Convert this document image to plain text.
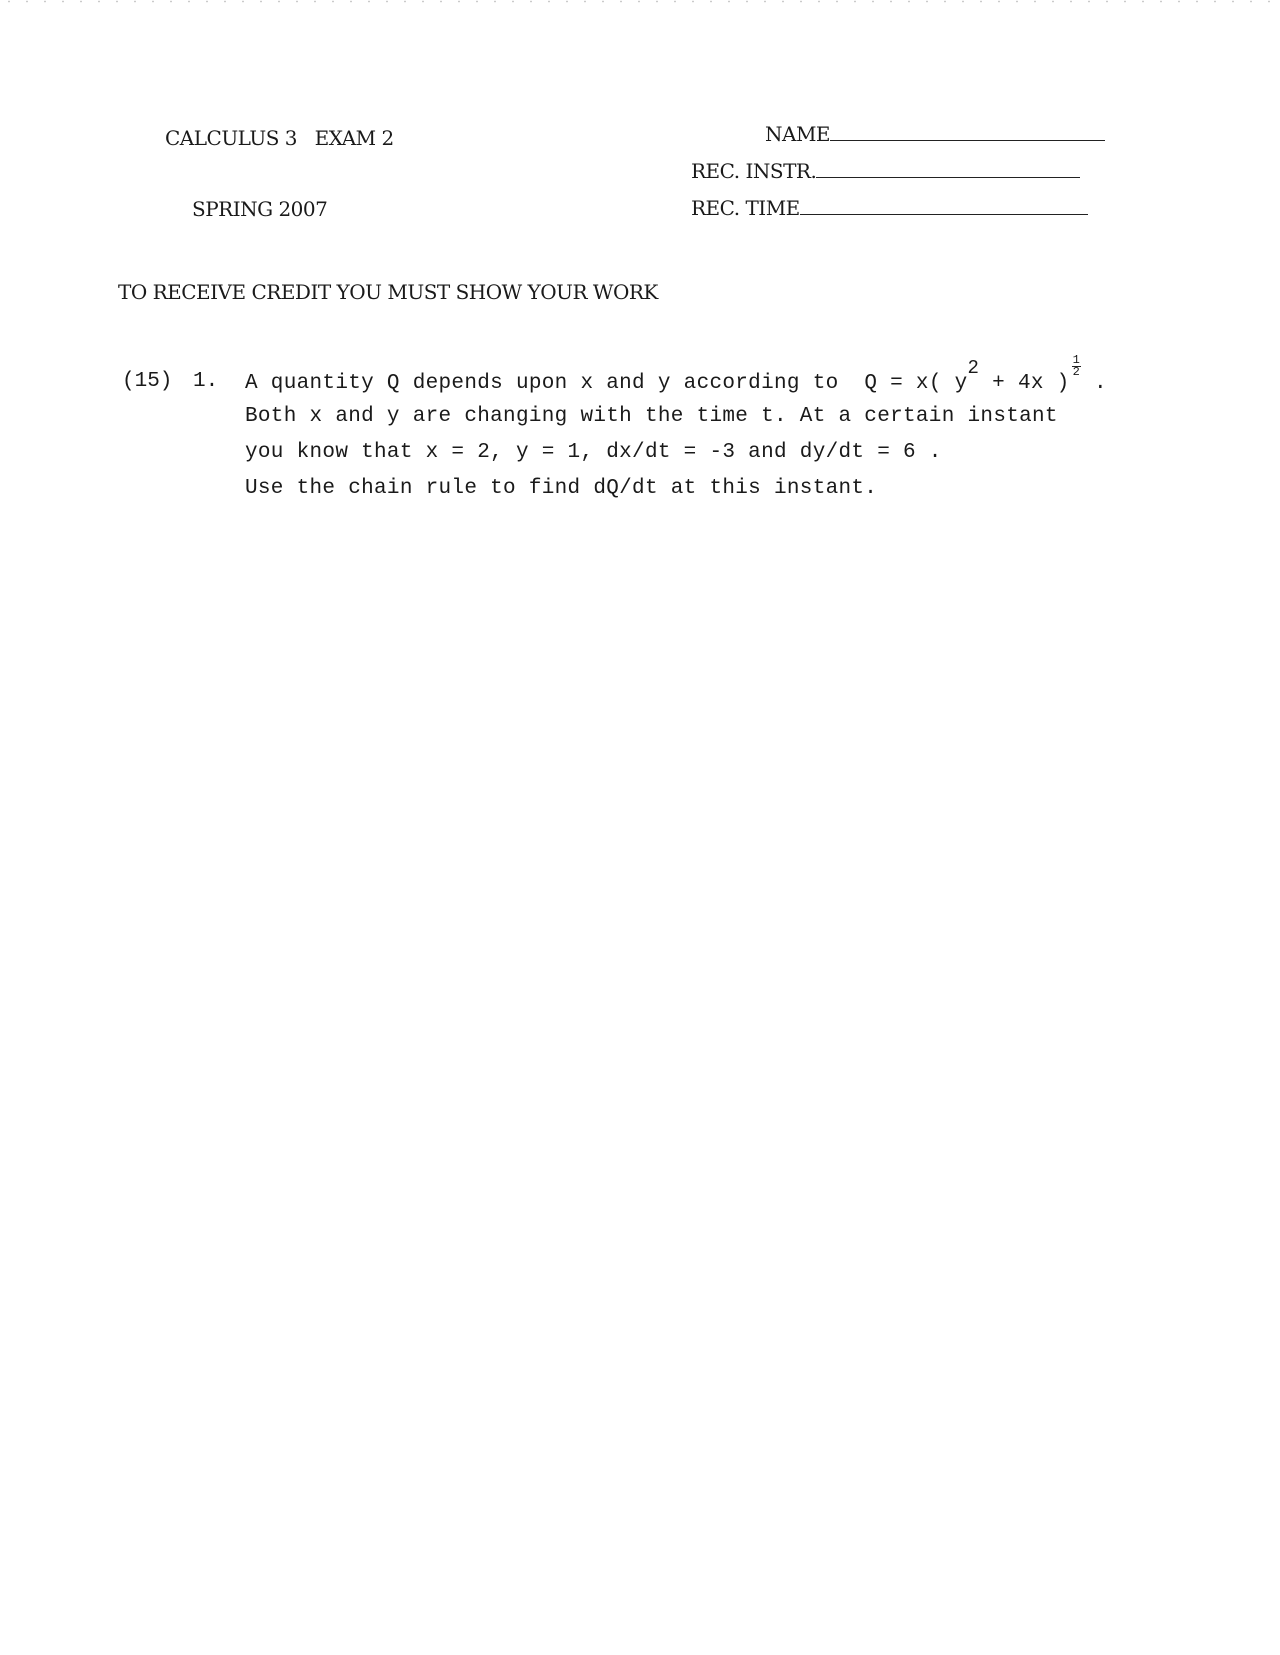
CALCULUS 3 EXAM 2
SPRING 2007
NAME
REC. INSTR.
REC. TIME
TO RECEIVE CREDIT YOU MUST SHOW YOUR WORK
(15) 1. A quantity Q depends upon x and y according to Q = x( y2 + 4x )
$\frac{1}{2}$
.
Both x and y are changing with the time t. At a certain instant
you know that x = 2, y = 1, dx/dt = -3 and dy/dt = 6 .
Use the chain rule to find dQ/dt at this instant.
